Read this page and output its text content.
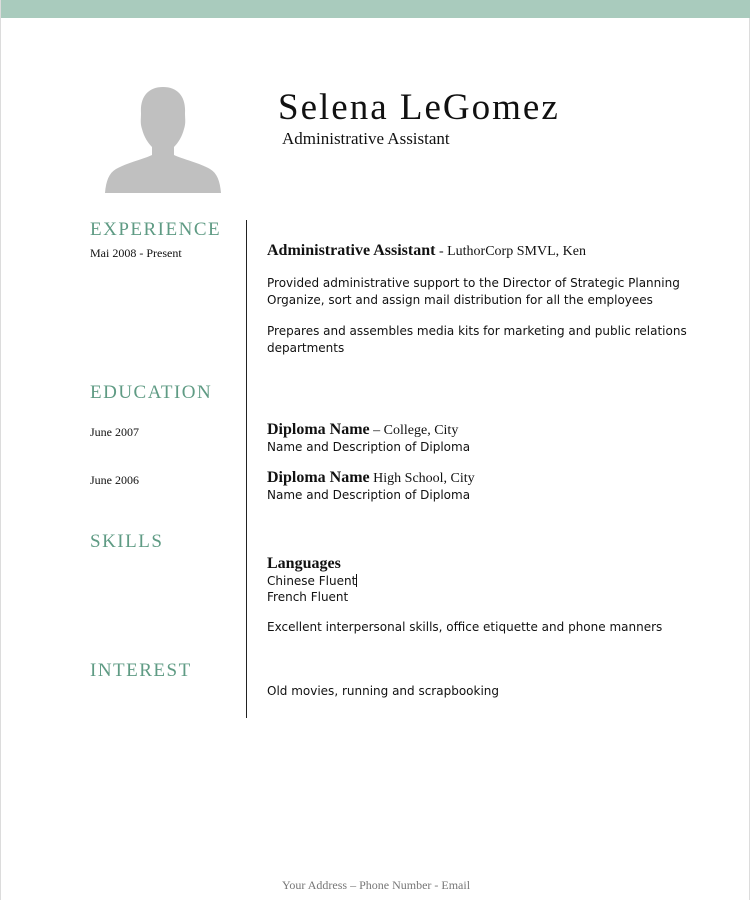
Selena LeGomez
Administrative Assistant
EXPERIENCE
Mai 2008 - Present	Administrative Assistant - LuthorCorp SMVL, Ken
Provided administrative support to the Director of Strategic Planning
Organize, sort and assign mail distribution for all the employees
Prepares and assembles media kits for marketing and public relations
departments
EDUCATION
June 2007	Diploma Name – College, City
Name and Description of Diploma
June 2006	Diploma Name High School, City
Name and Description of Diploma
SKILLS
Languages
Chinese Fluent
French Fluent
Excellent interpersonal skills, office etiquette and phone manners
INTEREST
Old movies, running and scrapbooking
Your Address – Phone Number - Email
